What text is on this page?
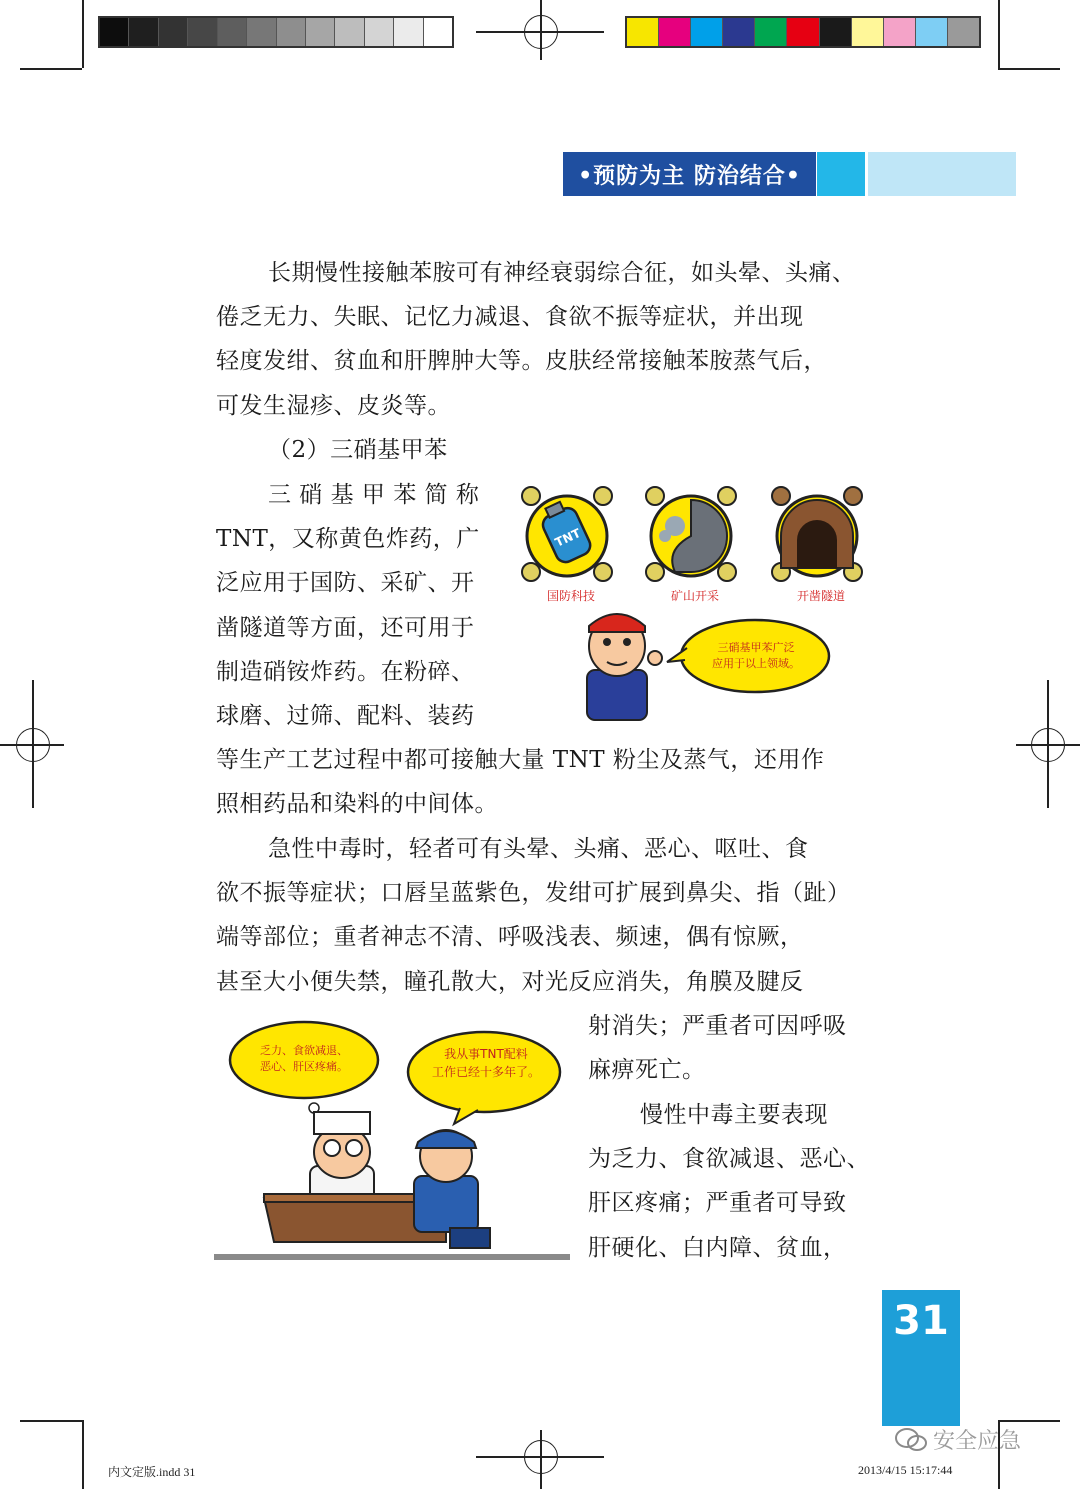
•预防为主 防治结合•
长期慢性接触苯胺可有神经衰弱综合征，如头晕、头痛、
倦乏无力、失眠、记忆力减退、食欲不振等症状，并出现
轻度发绀、贫血和肝脾肿大等。皮肤经常接触苯胺蒸气后，
可发生湿疹、皮炎等。
（2）三硝基甲苯
三 硝 基 甲 苯 简 称
TNT，又称黄色炸药，广
泛应用于国防、采矿、开
凿隧道等方面，还可用于
制造硝铵炸药。在粉碎、
球磨、过筛、配料、装药
等生产工艺过程中都可接触大量 TNT 粉尘及蒸气，还用作
照相药品和染料的中间体。
急性中毒时，轻者可有头晕、头痛、恶心、呕吐、食
欲不振等症状；口唇呈蓝紫色，发绀可扩展到鼻尖、指（趾）
端等部位；重者神志不清、呼吸浅表、频速，偶有惊厥，
甚至大小便失禁，瞳孔散大，对光反应消失，角膜及腱反
射消失；严重者可因呼吸
麻痹死亡。
慢性中毒主要表现
为乏力、食欲减退、恶心、
肝区疼痛；严重者可导致
肝硬化、白内障、贫血，
TNT
国防科技	矿山开采	开凿隧道
三硝基甲苯广泛
应用于以上领域。
乏力、食欲减退、
恶心、肝区疼痛。
我从事TNT配料
工作已经十多年了。
31
安全应急
内文定版.indd 31	2013/4/15 15:17:44
